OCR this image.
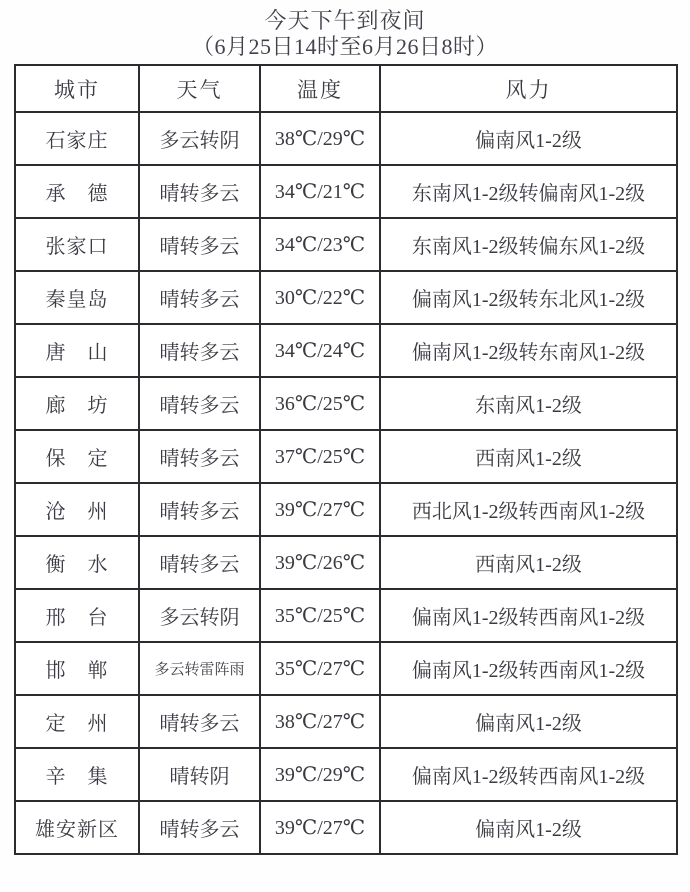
今天下午到夜间
（6月25日14时至6月26日8时）
城市	天气	温度	风力
石家庄	多云转阴	38℃/29℃	偏南风1-2级
承　德	晴转多云	34℃/21℃	东南风1-2级转偏南风1-2级
张家口	晴转多云	34℃/23℃	东南风1-2级转偏东风1-2级
秦皇岛	晴转多云	30℃/22℃	偏南风1-2级转东北风1-2级
唐　山	晴转多云	34℃/24℃	偏南风1-2级转东南风1-2级
廊　坊	晴转多云	36℃/25℃	东南风1-2级
保　定	晴转多云	37℃/25℃	西南风1-2级
沧　州	晴转多云	39℃/27℃	西北风1-2级转西南风1-2级
衡　水	晴转多云	39℃/26℃	西南风1-2级
邢　台	多云转阴	35℃/25℃	偏南风1-2级转西南风1-2级
邯　郸	多云转雷阵雨	35℃/27℃	偏南风1-2级转西南风1-2级
定　州	晴转多云	38℃/27℃	偏南风1-2级
辛　集	晴转阴	39℃/29℃	偏南风1-2级转西南风1-2级
雄安新区	晴转多云	39℃/27℃	偏南风1-2级
